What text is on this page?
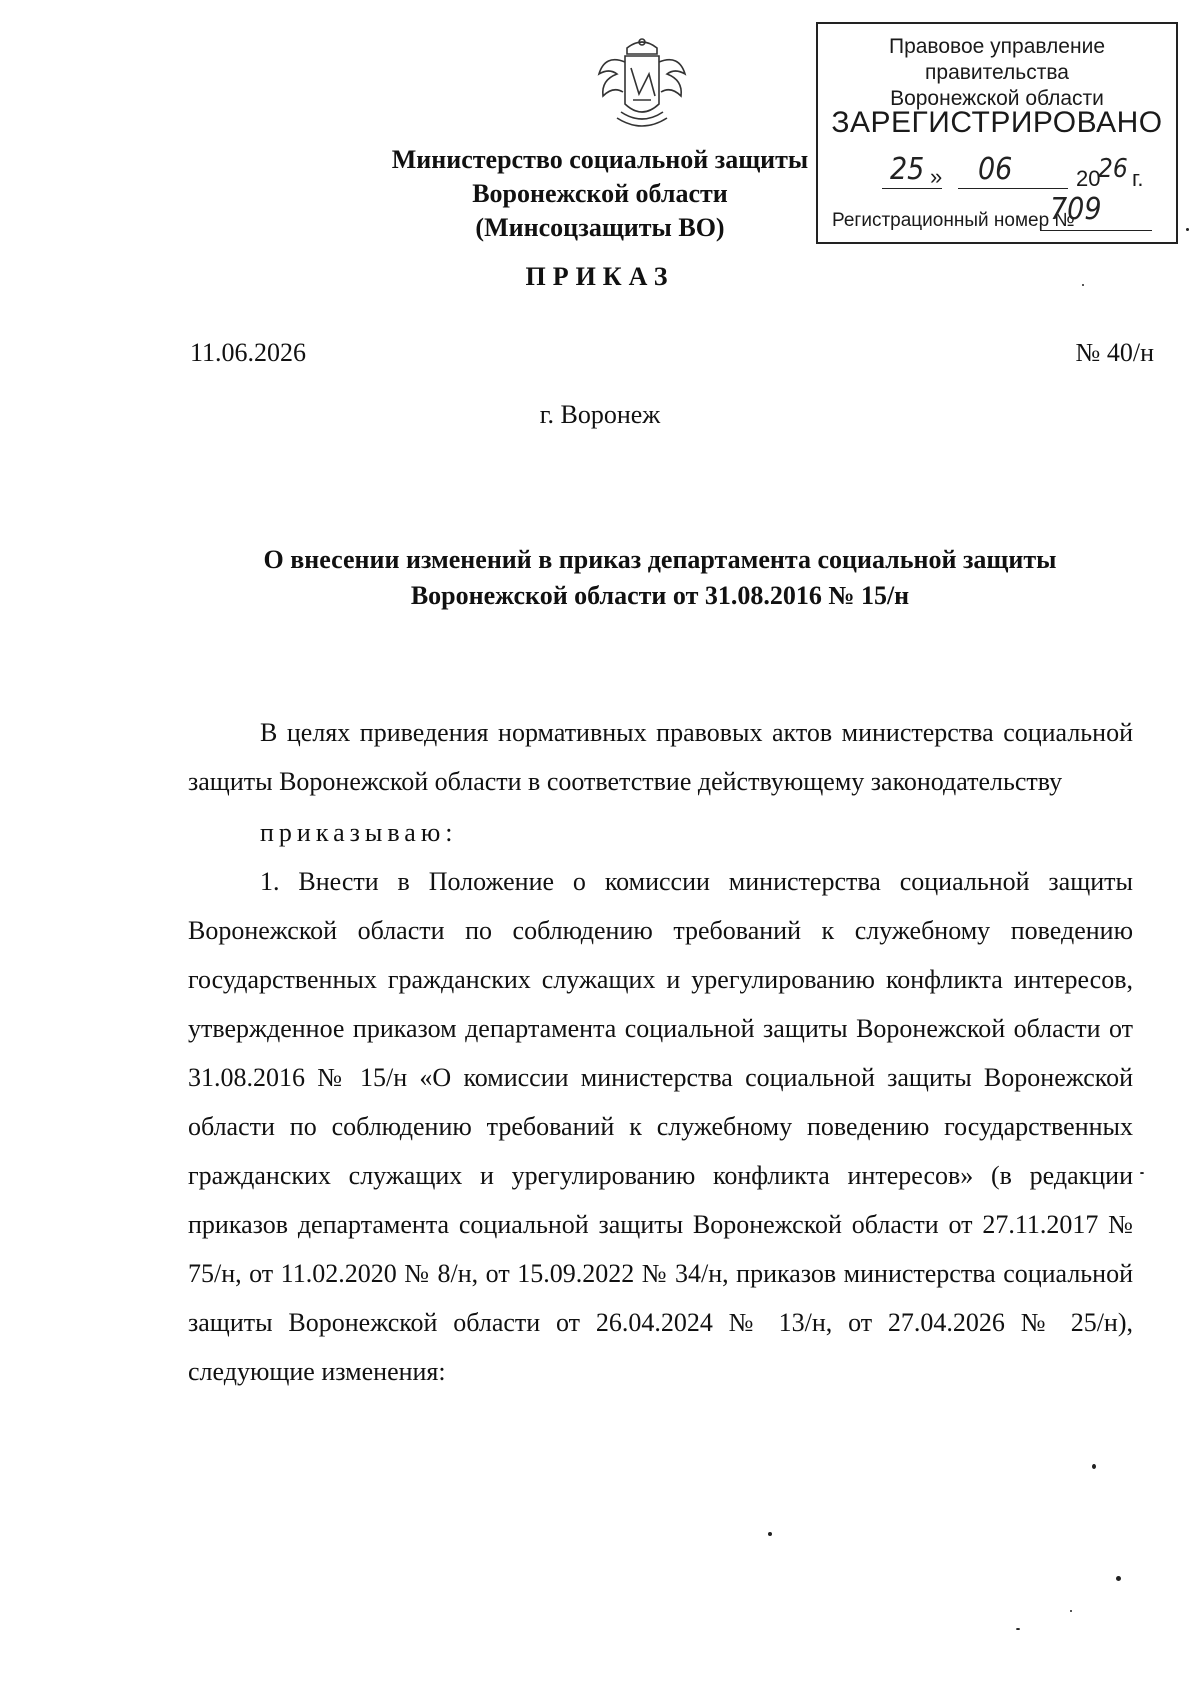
Правовое управление правительства
Воронежской области
ЗАРЕГИСТРИРОВАНО
25 » 06	20
26 г.
Регистрационный номер №
709
Министерство социальной защиты
Воронежской области
(Минсоцзащиты ВО)
ПРИКАЗ
11.06.2026	№ 40/н
г. Воронеж
О внесении изменений в приказ департамента социальной защиты
Воронежской области от 31.08.2016 № 15/н

В целях приведения нормативных правовых актов министерства социальной защиты Воронежской области в соответствие действующему законодательству

приказываю:

1. Внести в Положение о комиссии министерства социальной защиты Воронежской области по соблюдению требований к служебному поведению государственных гражданских служащих и урегулированию конфликта интересов, утвержденное приказом департамента социальной защиты Воронежской области от 31.08.2016 № 15/н «О комиссии министерства социальной защиты Воронежской области по соблюдению требований к служебному поведению государственных гражданских служащих и урегулированию конфликта интересов» (в редакции приказов департамента социальной защиты Воронежской области от 27.11.2017 № 75/н, от 11.02.2020 № 8/н, от 15.09.2022 № 34/н, приказов министерства социальной защиты Воронежской области от 26.04.2024 № 13/н, от 27.04.2026 № 25/н), следующие изменения:
